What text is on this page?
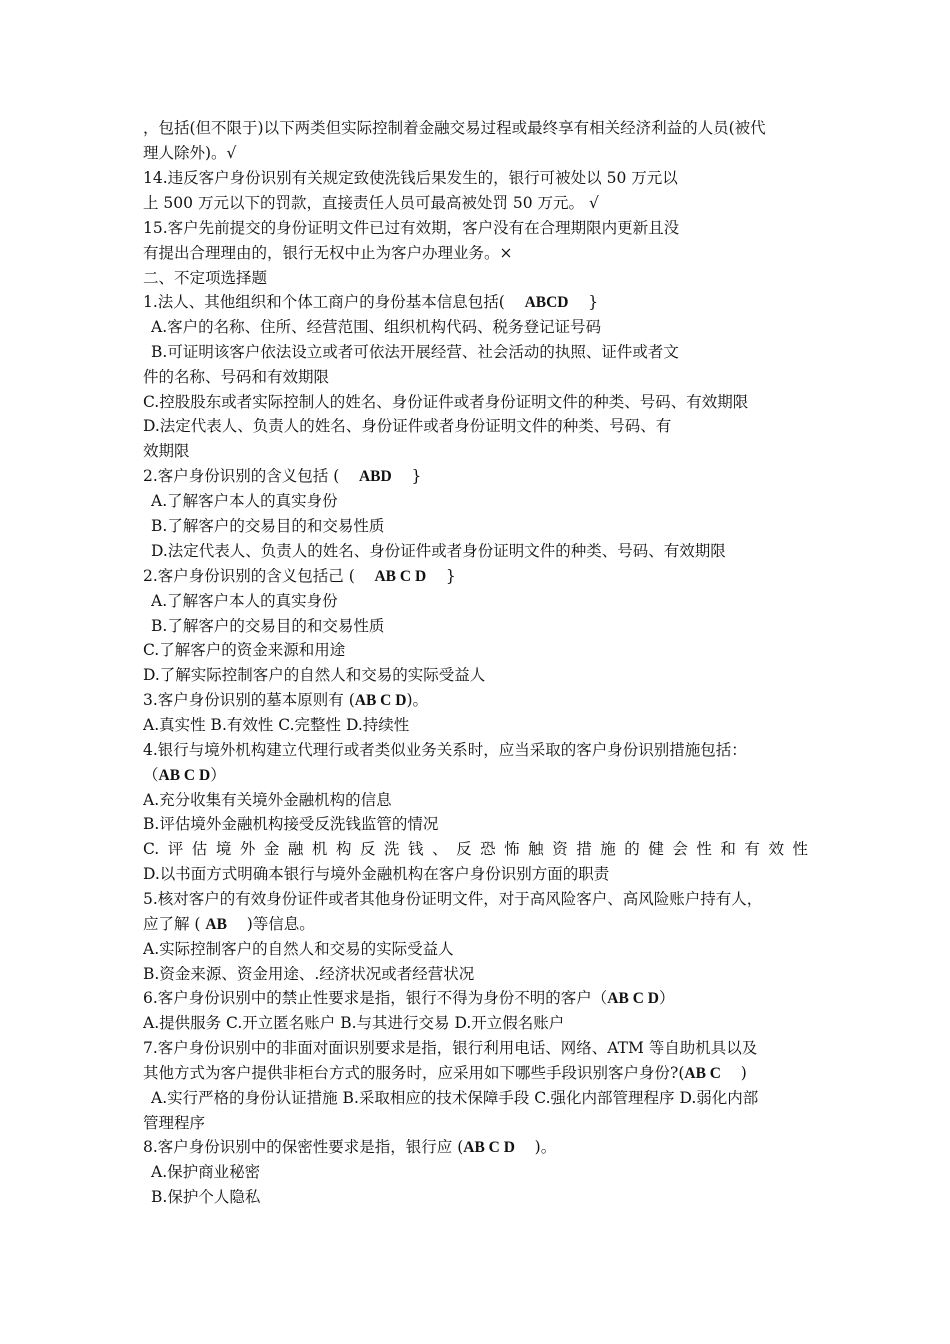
，包括(但不限于)以下两类但实际控制着金融交易过程或最终享有相关经济利益的人员(被代
理人除外)。√
14.违反客户身份识别有关规定致使洗钱后果发生的，银行可被处以 50 万元以
上 500 万元以下的罚款，直接责任人员可最高被处罚 50 万元。 √
15.客户先前提交的身份证明文件已过有效期，客户没有在合理期限内更新且没
有提出合理理由的，银行无权中止为客户办理业务。×
二、不定项选择题
1.法人、其他组织和个体工商户的身份基本信息包括( ABCD }
A.客户的名称、住所、经营范围、组织机构代码、税务登记证号码
B.可证明该客户依法设立或者可依法开展经营、社会活动的执照、证件或者文
件的名称、号码和有效期限
C.控股股东或者实际控制人的姓名、身份证件或者身份证明文件的种类、号码、有效期限
D.法定代表人、负责人的姓名、身份证件或者身份证明文件的种类、号码、有
效期限
2.客户身份识别的含义包括 ( ABD }
A.了解客户本人的真实身份
B.了解客户的交易目的和交易性质
D.法定代表人、负责人的姓名、身份证件或者身份证明文件的种类、号码、有效期限
2.客户身份识别的含义包括己 ( AB C D }
A.了解客户本人的真实身份
B.了解客户的交易目的和交易性质
C.了解客户的资金来源和用途
D.了解实际控制客户的自然人和交易的实际受益人
3.客户身份识别的墓本原则有 (AB C D)。
A.真实性 B.有效性 C.完整性 D.持续性
4.银行与境外机构建立代理行或者类似业务关系时，应当采取的客户身份识别措施包括：
（AB C D）
A.充分收集有关境外金融机构的信息
B.评估境外金融机构接受反洗钱监管的情况
C.评估境外金融机构反洗钱、反恐怖触资措施的健会性和有效性
D.以书面方式明确本银行与境外金融机构在客户身份识别方面的职责
5.核对客户的有效身份证件或者其他身份证明文件，对于高风险客户、高风险账户持有人，
应了解 ( AB )等信息。
A.实际控制客户的自然人和交易的实际受益人
B.资金来源、资金用途、.经济状况或者经营状况
6.客户身份识别中的禁止性要求是指，银行不得为身份不明的客户（AB C D）
A.提供服务 C.开立匿名账户 B.与其进行交易 D.开立假名账户
7.客户身份识别中的非面对面识别要求是指，银行利用电话、网络、ATM 等自助机具以及
其他方式为客户提供非柜台方式的服务时，应采用如下哪些手段识别客户身份?(AB C )
A.实行严格的身份认证措施 B.采取相应的技术保障手段 C.强化内部管理程序 D.弱化内部
管理程序
8.客户身份识别中的保密性要求是指，银行应 (AB C D )。
A.保护商业秘密
B.保护个人隐私
